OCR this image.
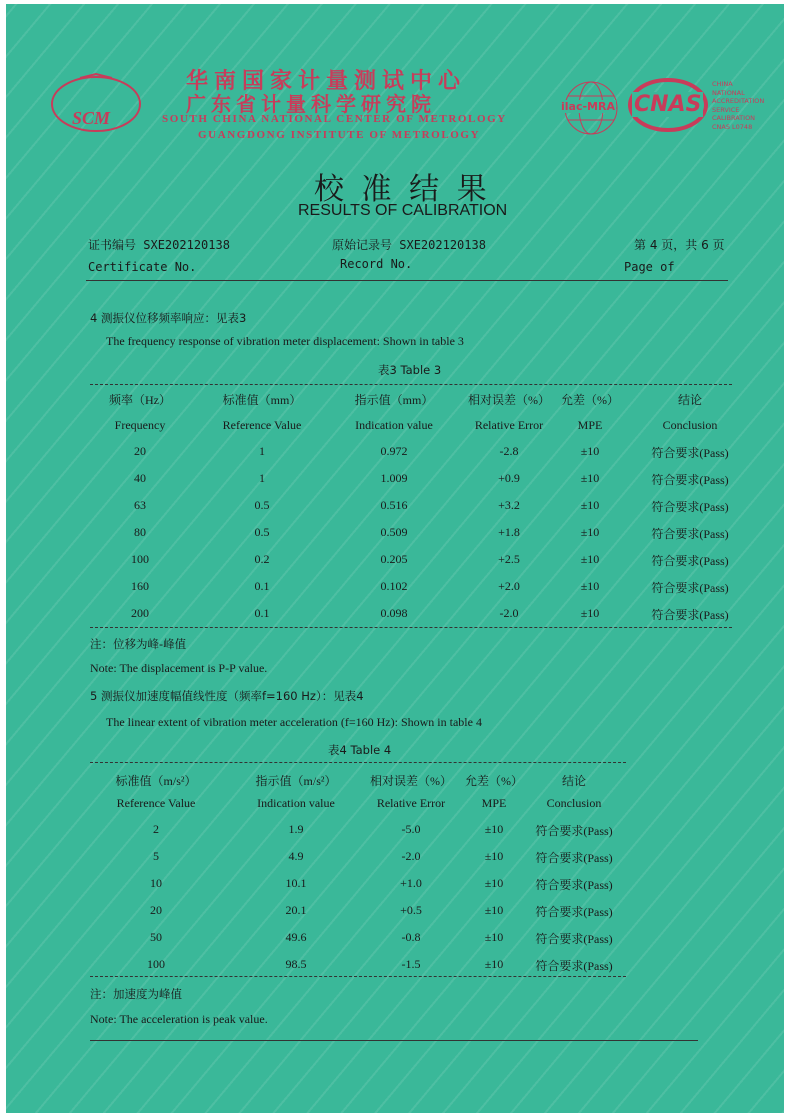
SCM
华南国家计量测试中心
广东省计量科学研究院
SOUTH CHINA NATIONAL CENTER OF METROLOGY
GUANGDONG INSTITUTE OF METROLOGY
ilac-MRA CNAS
CHINA
NATIONAL
ACCREDITATION
SERVICE
CALIBRATION
CNAS L0748
校 准 结 果
RESULTS OF CALIBRATION
证书编号 SXE202120138
Certificate No.
原始记录号 SXE202120138
Record No.
第 4 页，共 6 页
Page of
4 测振仪位移频率响应：见表3
The frequency response of vibration meter displacement: Shown in table 3
表3 Table 3
频率（Hz）	标准值（mm）	指示值（mm）	相对误差（%） 允差（%）	结论
Frequency	Reference Value	Indication value	Relative Error	MPE	Conclusion
20	1	0.972	-2.8	±10	符合要求(Pass)
40	1	1.009	+0.9	±10	符合要求(Pass)
63	0.5	0.516	+3.2	±10	符合要求(Pass)
80	0.5	0.509	+1.8	±10	符合要求(Pass)
100	0.2	0.205	+2.5	±10	符合要求(Pass)
160	0.1	0.102	+2.0	±10	符合要求(Pass)
200	0.1	0.098	-2.0	±10	符合要求(Pass)
注：位移为峰-峰值
Note: The displacement is P-P value.
5 测振仪加速度幅值线性度（频率f=160 Hz）：见表4
The linear extent of vibration meter acceleration (f=160 Hz): Shown in table 4
表4 Table 4
标准值（m/s²）	指示值（m/s²）	相对误差（%）	允差（%）	结论
Reference Value	Indication value	Relative Error	MPE	Conclusion
2	1.9	-5.0	±10	符合要求(Pass)
5	4.9	-2.0	±10	符合要求(Pass)
10	10.1	+1.0	±10	符合要求(Pass)
20	20.1	+0.5	±10	符合要求(Pass)
50	49.6	-0.8	±10	符合要求(Pass)
100	98.5	-1.5	±10	符合要求(Pass)
注：加速度为峰值
Note: The acceleration is peak value.
